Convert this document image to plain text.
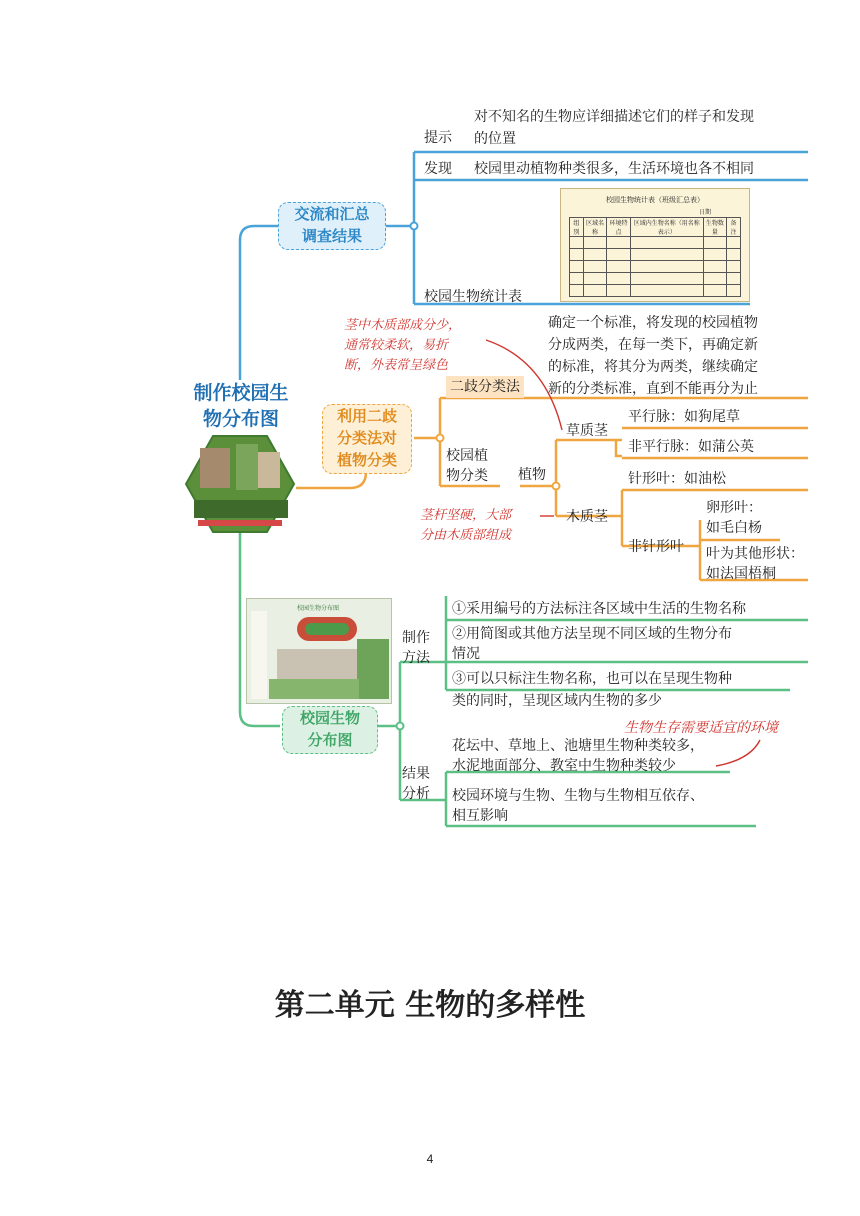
制作校园生
物分布图
交流和汇总
调查结果
提示
对不知名的生物应详细描述它们的样子和发现
的位置
发现 校园里动植物种类很多，生活环境也各不相同
校园生物统计表
校园生物统计表（班级汇总表）
日期
组别	区域名称	环境特点	区域内生物名称（用名称表示）	生物数量	备注

利用二歧
分类法对
植物分类
茎中木质部成分少，
通常较柔软，易折
断，外表常呈绿色
二歧分类法
确定一个标准，将发现的校园植物
分成两类，在每一类下，再确定新
的标准，将其分为两类，继续确定
新的分类标准，直到不能再分为止
校园植
物分类 植物
草质茎
平行脉：如狗尾草
非平行脉：如蒲公英
茎杆坚硬，大部
分由木质部组成
木质茎
针形叶：如油松
非针形叶
卵形叶：
如毛白杨
叶为其他形状：
如法国梧桐
校园生物分布图
校园生物
分布图
制作
方法
①采用编号的方法标注各区域中生活的生物名称
②用简图或其他方法呈现不同区域的生物分布
情况
③可以只标注生物名称，也可以在呈现生物种
类的同时，呈现区域内生物的多少
生物生存需要适宜的环境
结果
分析
花坛中、草地上、池塘里生物种类较多，
水泥地面部分、教室中生物种类较少
校园环境与生物、生物与生物相互依存、
相互影响
第二单元 生物的多样性
4
